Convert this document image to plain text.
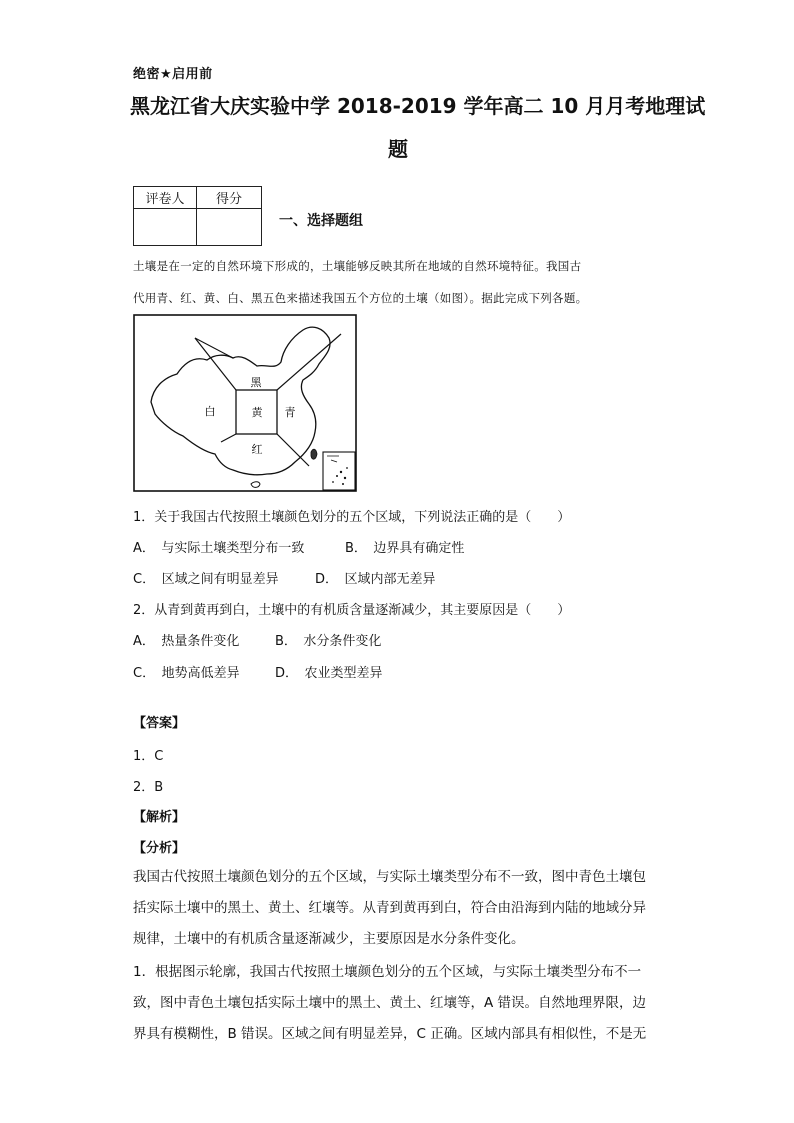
绝密★启用前
黑龙江省大庆实验中学 2018-2019 学年高二 10 月月考地理试
题
评卷人	得分

一、选择题组
土壤是在一定的自然环境下形成的，土壤能够反映其所在地域的自然环境特征。我国古
代用青、红、黄、白、黑五色来描述我国五个方位的土壤（如图）。据此完成下列各题。
黑
白	黄 青
红
1．关于我国古代按照土壤颜色划分的五个区域，下列说法正确的是（　　）
A．　与实际土壤类型分布一致	B．　边界具有确定性
C．　区域之间有明显差异	D．　区域内部无差异
2．从青到黄再到白，土壤中的有机质含量逐渐减少，其主要原因是（　　）
A．　热量条件变化	B．　水分条件变化
C．　地势高低差异	D．　农业类型差异
【答案】
1．C
2．B
【解析】
【分析】
我国古代按照土壤颜色划分的五个区域，与实际土壤类型分布不一致，图中青色土壤包
括实际土壤中的黑土、黄土、红壤等。从青到黄再到白，符合由沿海到内陆的地域分异
规律，土壤中的有机质含量逐渐减少，主要原因是水分条件变化。
1．根据图示轮廓，我国古代按照土壤颜色划分的五个区域，与实际土壤类型分布不一
致，图中青色土壤包括实际土壤中的黑土、黄土、红壤等，A 错误。自然地理界限，边
界具有模糊性，B 错误。区域之间有明显差异，C 正确。区域内部具有相似性，不是无
